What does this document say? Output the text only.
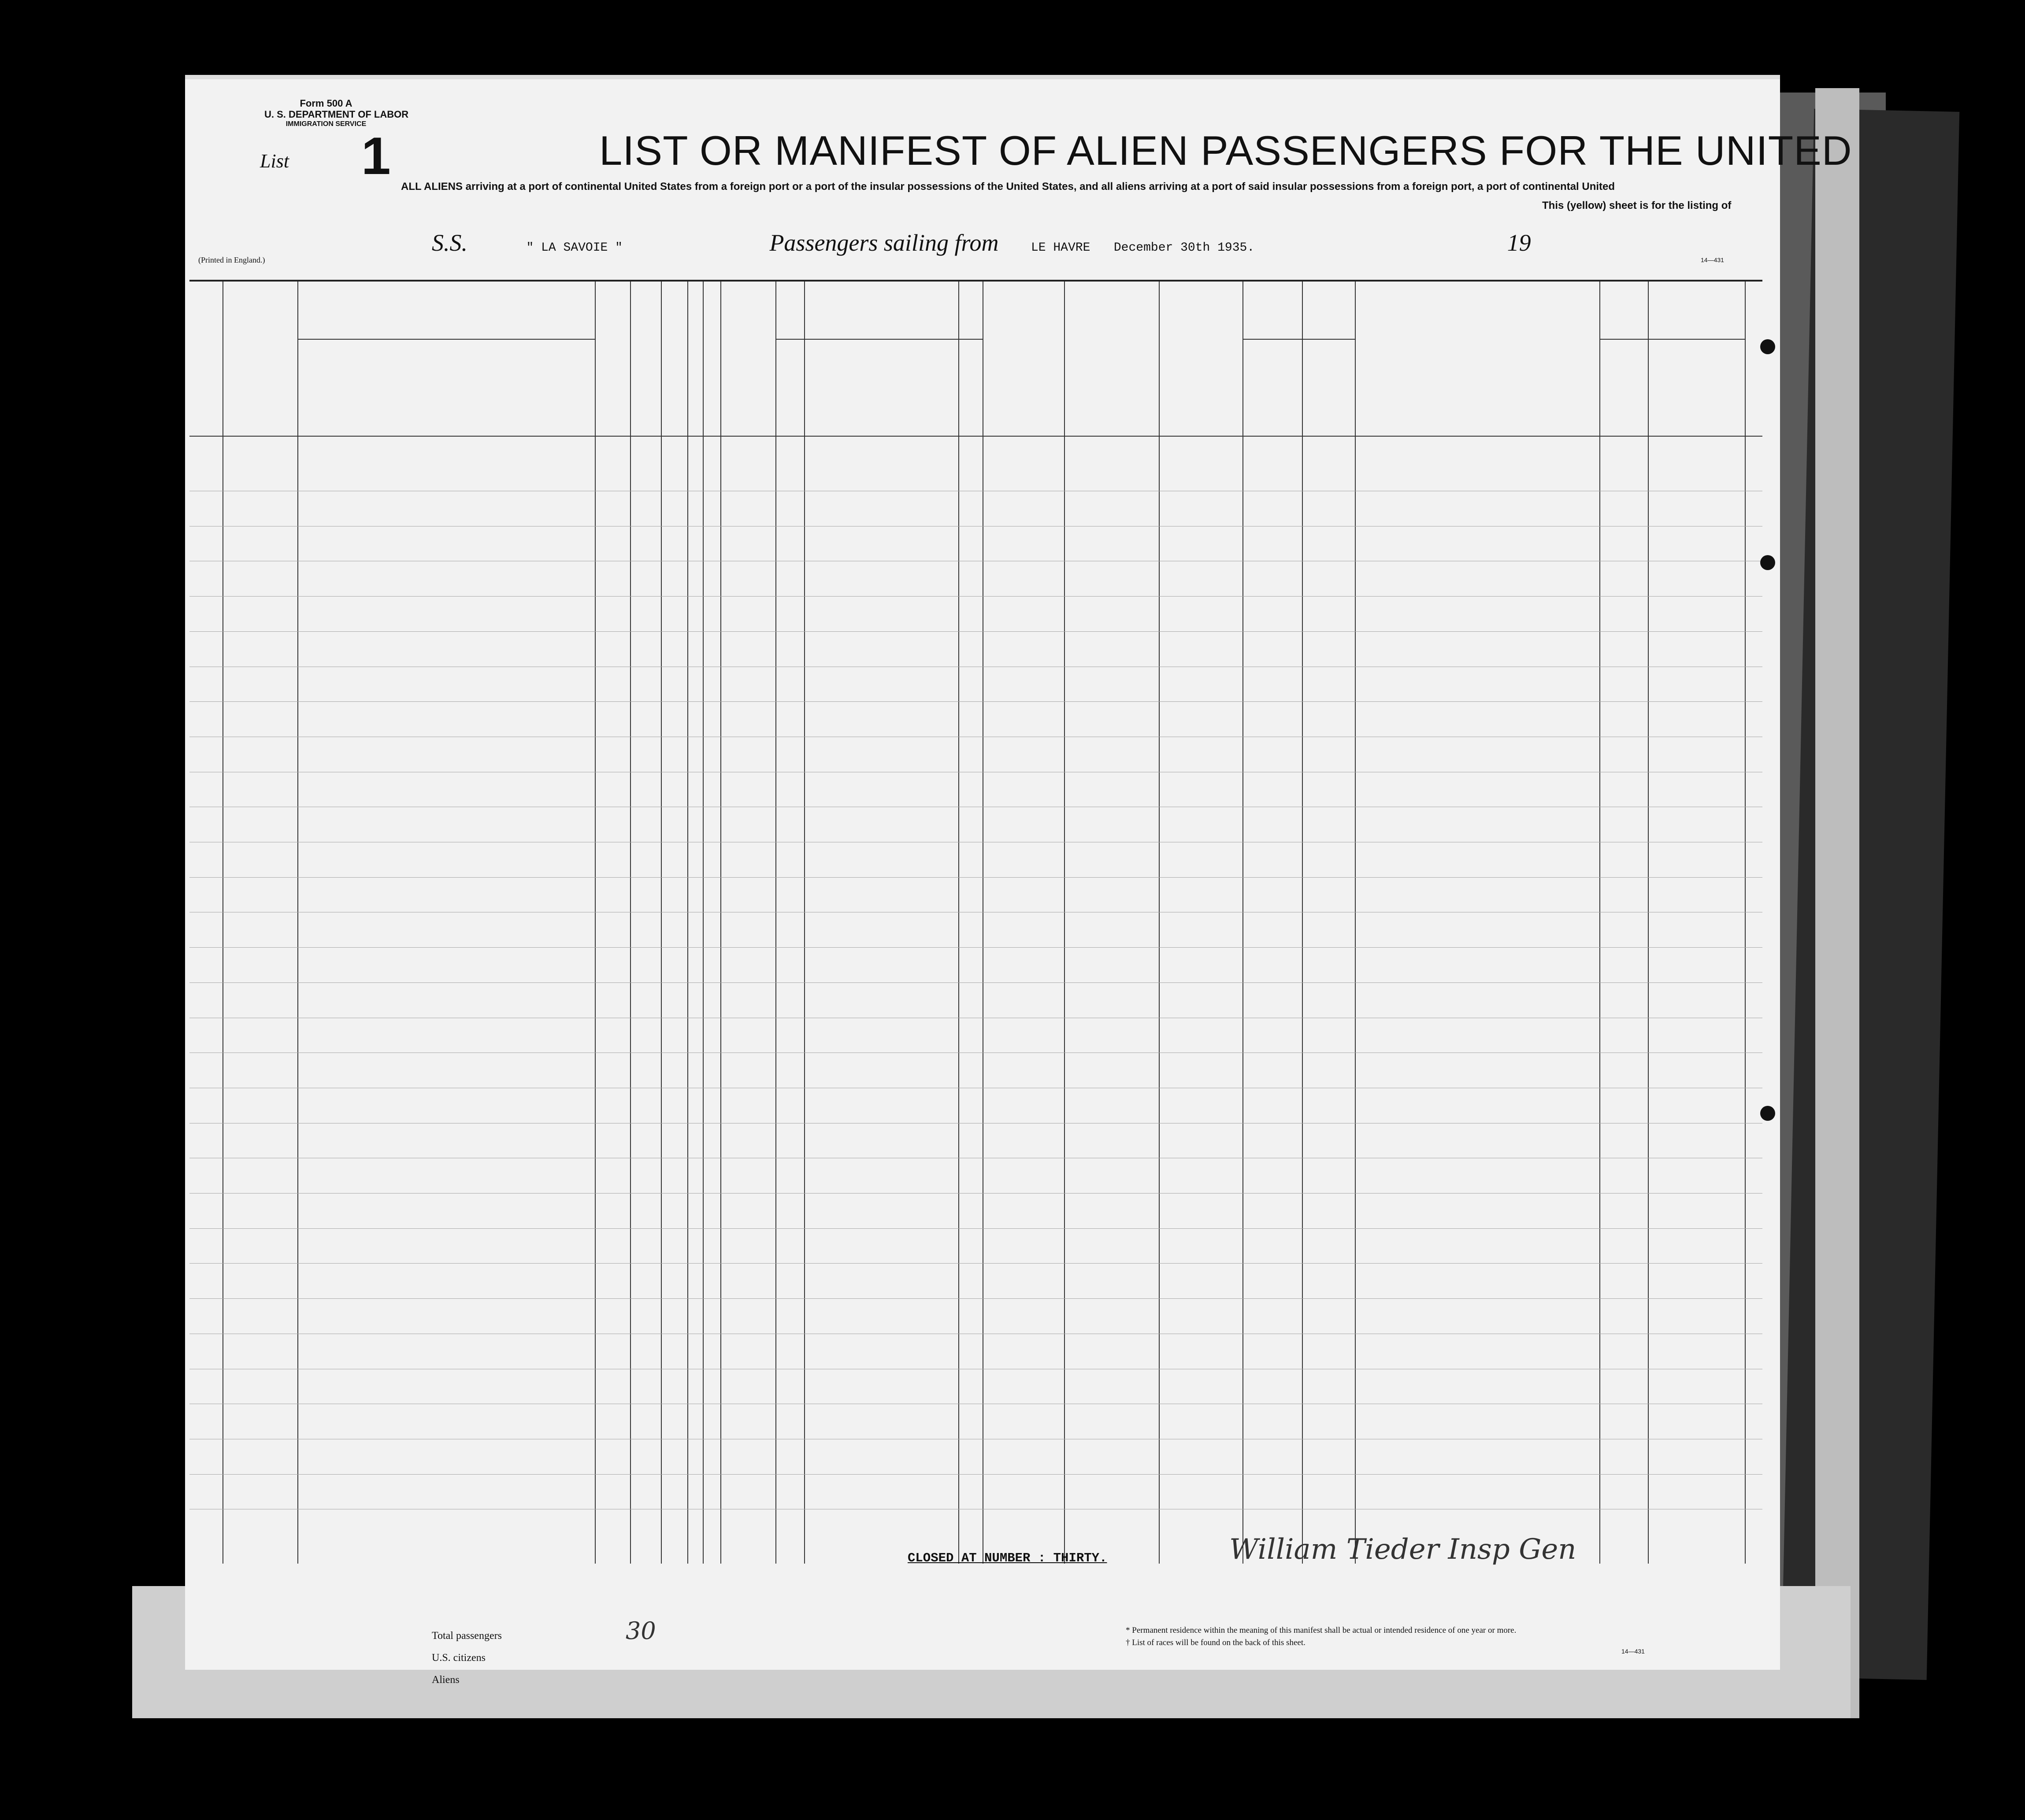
Form 500 A
U. S. DEPARTMENT OF LABOR
IMMIGRATION SERVICE
List 1	LIST OR MANIFEST OF ALIEN PASSENGERS FOR THE UNITED
ALL ALIENS arriving at a port of continental United States from a foreign port or a port of the insular possessions of the United States, and all aliens arriving at a port of said insular possessions from a foreign port, a port of continental United
This (yellow) sheet is for the listing of
S.S.	" LA SAVOIE "	Passengers sailing from	LE HAVRE December 30th 1935.	19
(Printed in England.)	14—431
CLOSED AT NUMBER : THIRTY.	William Tieder Insp Gen
Total passengers	30
U.S. citizens
Aliens
* Permanent residence within the meaning of this manifest shall be actual or intended residence of one year or more.
† List of races will be found on the back of this sheet.
14—431
